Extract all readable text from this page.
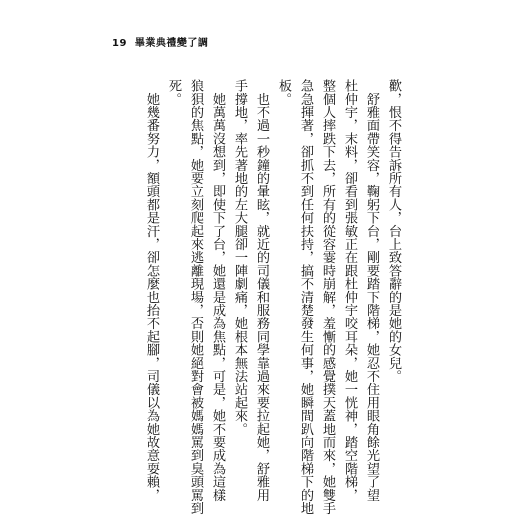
19 畢業典禮變了調
歡，恨不得告訴所有人，台上致答辭的是她的女兒。
　舒雅面帶笑容，鞠躬下台，剛要踏下階梯，她忍不住用眼角餘光望了望
杜仲宇，末料，卻看到張敏正在跟杜仲宇咬耳朵，她一恍神，踏空階梯，
整個人摔跌下去，所有的從容霎時崩解，羞慚的感覺撲天蓋地而來，她雙手
急急揮著，卻抓不到任何扶持，搞不清楚發生何事，她瞬間趴向階梯下的地
板。
　也不過一秒鐘的暈眩，就近的司儀和服務同學靠過來要拉起她，舒雅用
手撐地，率先著地的左大腿卻一陣劇痛，她根本無法站起來。
　她萬萬沒想到，即使下了台，她還是成為焦點，可是，她不要成為這樣
狼狽的焦點，她要立刻爬起來逃離現場，否則她絕對會被媽媽罵到臭頭罵到
死。
　她幾番努力，額頭都是汗，卻怎麼也抬不起腳，司儀以為她故意耍賴，
